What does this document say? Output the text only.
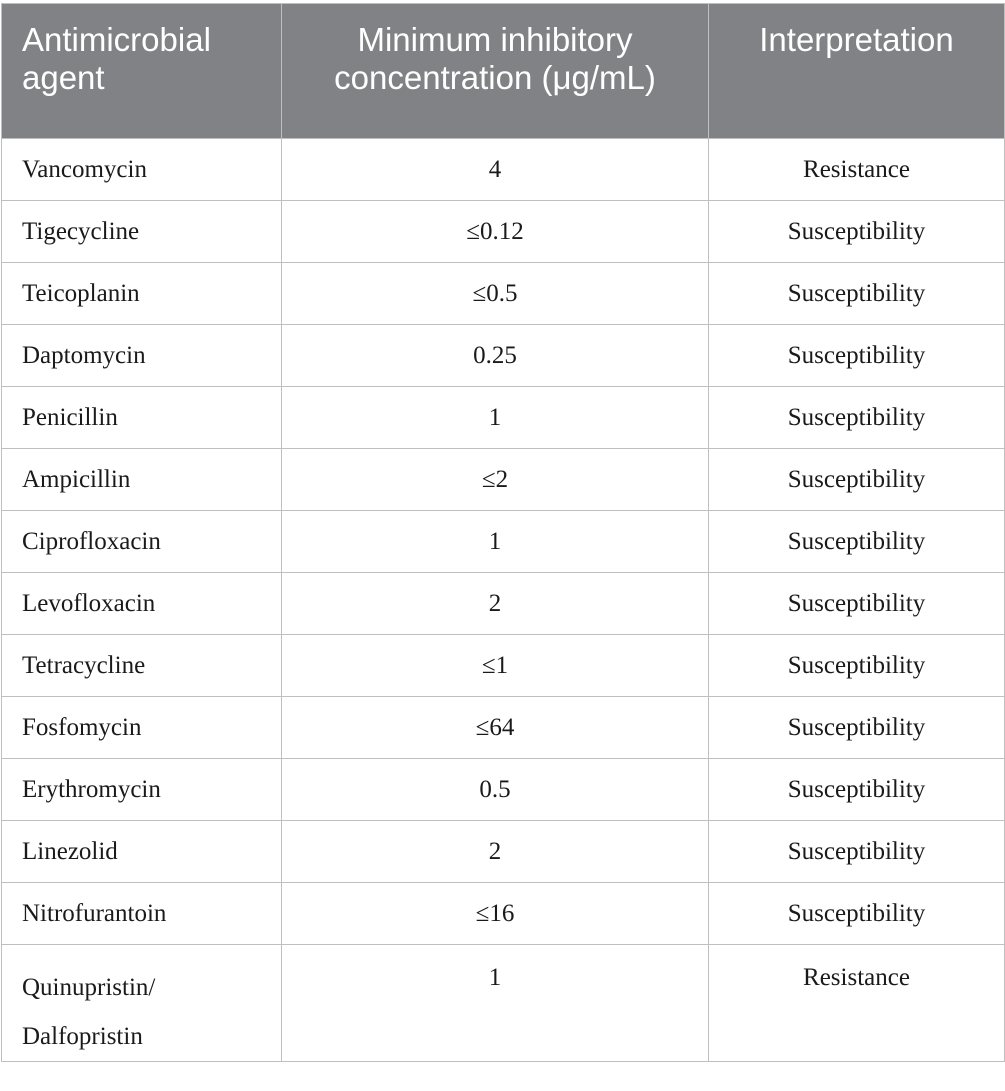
Antimicrobial agent	Minimum inhibitory concentration (μg/mL)	Interpretation
Vancomycin	4	Resistance
Tigecycline	≤0.12	Susceptibility
Teicoplanin	≤0.5	Susceptibility
Daptomycin	0.25	Susceptibility
Penicillin	1	Susceptibility
Ampicillin	≤2	Susceptibility
Ciprofloxacin	1	Susceptibility
Levofloxacin	2	Susceptibility
Tetracycline	≤1	Susceptibility
Fosfomycin	≤64	Susceptibility
Erythromycin	0.5	Susceptibility
Linezolid	2	Susceptibility
Nitrofurantoin	≤16	Susceptibility
Quinupristin/
Dalfopristin	1	Resistance
